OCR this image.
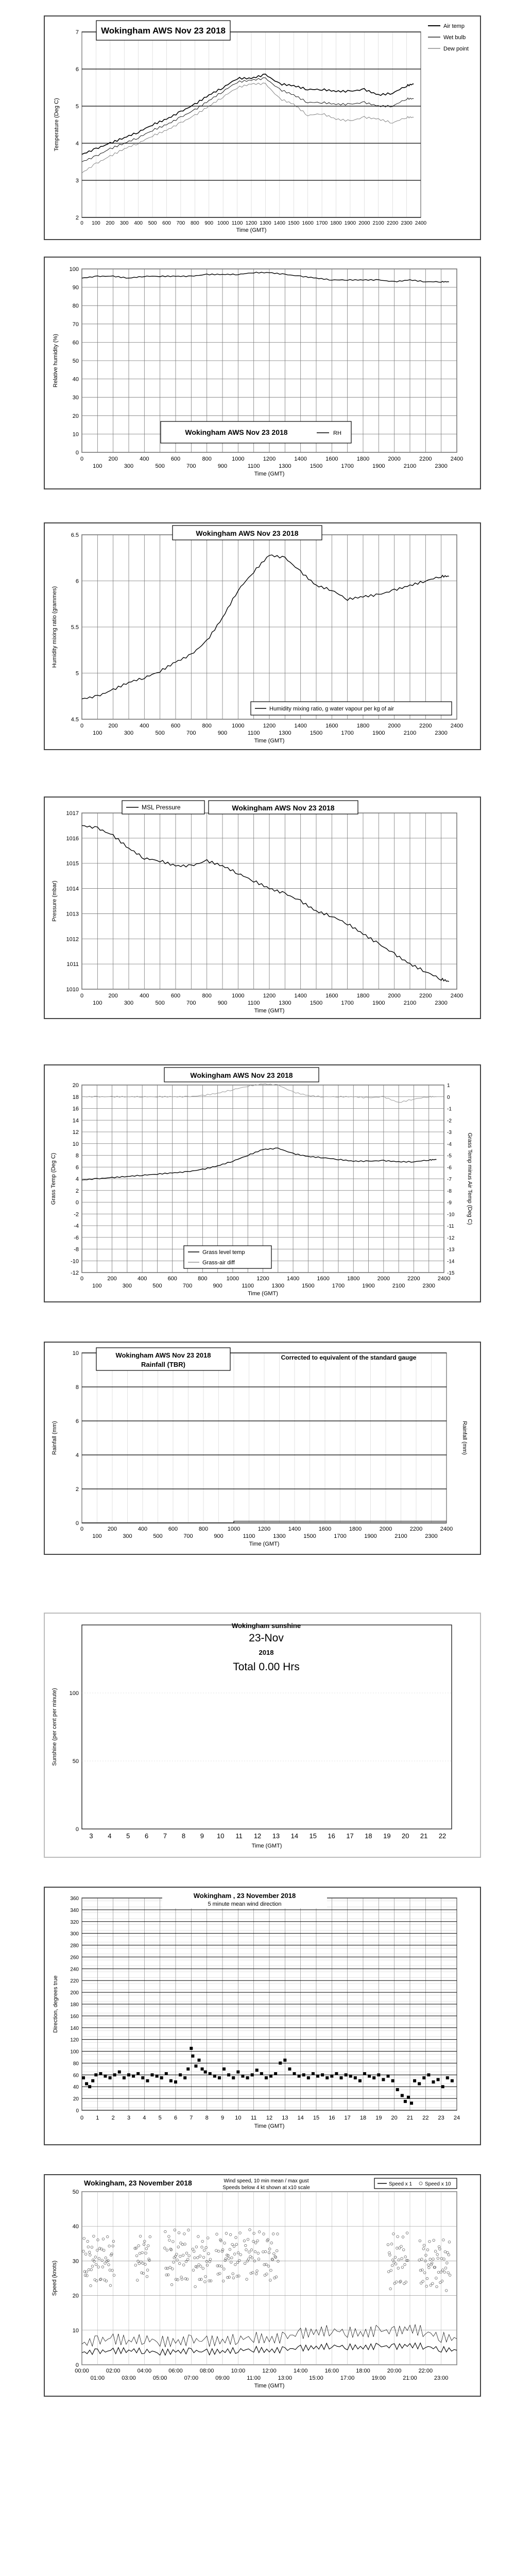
2
3
4
5
6
7
0 100 200 300 400 500 600 700 800 900 1000 1100 1200 1300 1400 1500 1600 1700 1800 1900 2000 2100 2200 2300 2400
Time (GMT)
Temperature (Deg C)
Wokingham AWS Nov 23 2018	Air temp
Wet bulb
Dew point
0
10
20
30
40
50
60
70
80
90
100
0	200	400	600	800	1000	1200	1400	1600	1800	2000	2200	2400
100	300	500	700	900	1100	1300	1500	1700	1900	2100	2300
Time (GMT)
Relative humidity (%)
Wokingham AWS Nov 23 2018	RH
4.5
5
5.5
6
6.5
0	200	400	600	800	1000	1200	1400	1600	1800	2000	2200	2400
100	300	500	700	900	1100	1300	1500	1700	1900	2100	2300
Time (GMT)
Humidity mixing ratio (grammes)
Wokingham AWS Nov 23 2018
Humidity mixing ratio, g water vapour per kg of air
1010
1011
1012
1013
1014
1015
1016
1017
0	200	400	600	800	1000	1200	1400	1600	1800	2000	2200	2400
100	300	500	700	900	1100	1300	1500	1700	1900	2100	2300
Time (GMT)
Pressure (mbar)
MSL Pressure	Wokingham AWS Nov 23 2018
-12
-10
-8
-6
-4
-2
0
2
4
6
8
10
12
14
16
18
20
-15
-14
-13
-12
-11
-10
-9
-8
-7
-6
-5
-4
-3
-2
-1
0
1
0	200	400	600	800	1000	1200	1400	1600	1800	2000	2200	2400
100	300	500	700	900	1100	1300	1500	1700	1900	2100	2300
Time (GMT)
Grass Temp (Deg C)	Grass Temp minus Air Temp (Deg C)
Wokingham AWS Nov 23 2018
Grass level temp
Grass-air diff
0
2
4
6
8
10
0	200	400	600	800	1000	1200	1400	1600	1800	2000	2200	2400
100	300	500	700	900	1100	1300	1500	1700	1900	2100	2300
Time (GMT)
Rainfall (mm)	Rainfall (mm)
Wokingham AWS Nov 23 2018
Rainfall (TBR)
Corrected to equivalent of the standard gauge
0
50
100
3 4 5 6 7 8 9 10 11 12 13 14 15 16 17 18 19 20 21 22
Time (GMT)
Sunshine (per cent per minute)
Wokingham sunshine
23-Nov
2018
Total 0.00 Hrs
0
20
40
60
80
100
120
140
160
180
200
220
240
260
280
300
320
340
360
0 1 2 3 4 5 6 7 8 9 10 11 12 13 14 15 16 17 18 19 20 21 22 23 24
Time (GMT)
Direction, degrees true
Wokingham , 23 November 2018
5 minute mean wind direction
0
10
20
30
40
50
00:00	02:00	04:00	06:00	08:00	10:00	12:00	14:00	16:00	18:00	20:00	22:00
01:00	03:00	05:00	07:00	09:00	11:00	13:00	15:00	17:00	19:00	21:00	23:00
Time (GMT)
Speed (knots)
Wokingham, 23 November 2018	Wind speed, 10 min mean / max gust
Speeds below 4 kt shown at x10 scale
Speed x 1 Speed x 10
